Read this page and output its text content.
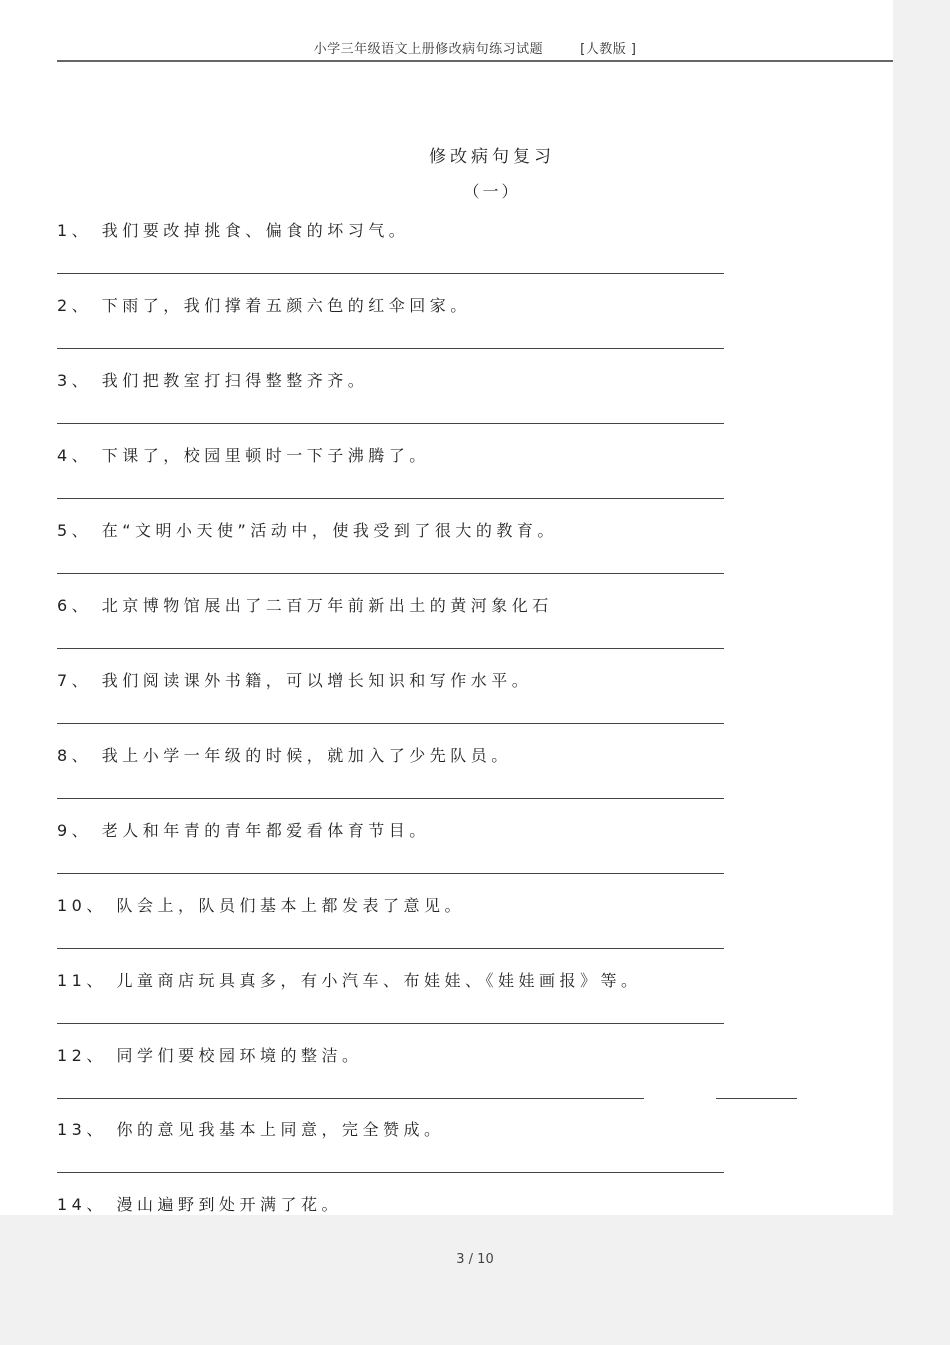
小学三年级语文上册修改病句练习试题	[人教版 ]
修改病句复习
（一）
1、 我们要改掉挑食、偏食的坏习气。
2、 下雨了，我们撑着五颜六色的红伞回家。
3、 我们把教室打扫得整整齐齐。
4、 下课了，校园里顿时一下子沸腾了。
5、 在“文明小天使”活动中，使我受到了很大的教育。
6、 北京博物馆展出了二百万年前新出土的黄河象化石
7、 我们阅读课外书籍，可以增长知识和写作水平。
8、 我上小学一年级的时候，就加入了少先队员。
9、 老人和年青的青年都爱看体育节目。
10、 队会上，队员们基本上都发表了意见。
11、 儿童商店玩具真多，有小汽车、布娃娃、《娃娃画报》等。
12、 同学们要校园环境的整洁。
13、 你的意见我基本上同意，完全赞成。
14、 漫山遍野到处开满了花。
3 / 10
